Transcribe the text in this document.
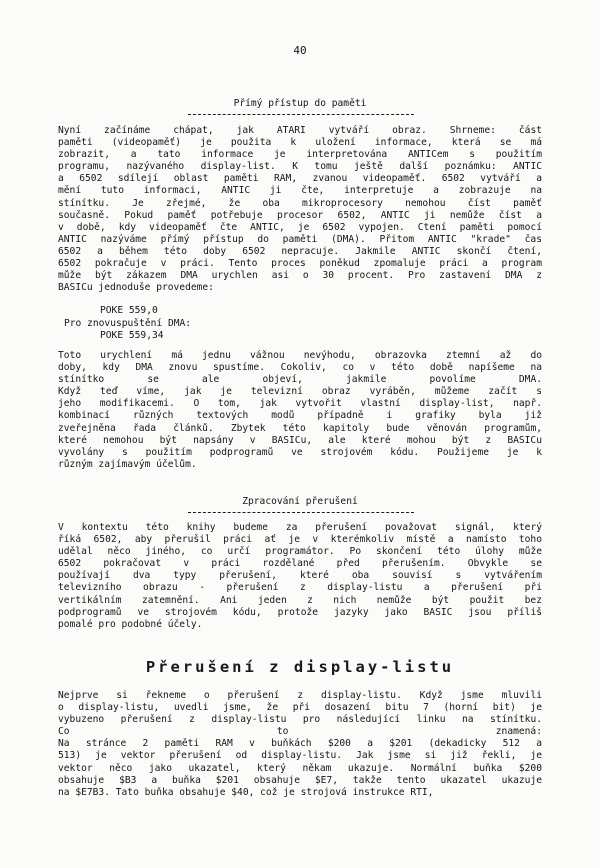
40
Přímý přístup do paměti
Nyní začínáme chápat, jak ATARI vytváří obraz. Shrneme: část
paměti (videopaměť) je použita k uložení informace, která se má
zobrazit, a tato informace je interpretována ANTICem s použitím
programu, nazývaného display-list. K tomu ještě další poznámku: ANTIC
a 6502 sdílejí oblast paměti RAM, zvanou videopaměť. 6502 vytváří a
mění tuto informaci, ANTIC ji čte, interpretuje a zobrazuje na
stínítku. Je zřejmé, že oba mikroprocesory nemohou číst paměť
současně. Pokud paměť potřebuje procesor 6502, ANTIC ji nemůže číst a
v době, kdy videopaměť čte ANTIC, je 6502 vypojen. Čtení paměti pomocí
ANTIC nazýváme přímý přístup do paměti (DMA). Přitom ANTIC "krade" čas
6502 a během této doby 6502 nepracuje. Jakmile ANTIC skončí čtení,
6502 pokračuje v práci. Tento proces poněkud zpomaluje práci a program
může být zákazem DMA urychlen asi o 30 procent. Pro zastavení DMA z
BASICu jednoduše provedeme:
POKE 559,0
Pro znovuspuštění DMA:
POKE 559,34
Toto urychlení má jednu vážnou nevýhodu, obrazovka ztemní až do
doby, kdy DMA znovu spustíme. Cokoliv, co v této době napíšeme na
stínítko se ale objeví, jakmile povolíme DMA.
Když teď víme, jak je televizní obraz vyráběn, můžeme začít s
jeho modifikacemi. O tom, jak vytvořit vlastní display-list, např.
kombinací různých textových modů případně i grafiky byla již
zveřejněna řada článků. Zbytek této kapitoly bude věnován programům,
které nemohou být napsány v BASICu, ale které mohou být z BASICu
vyvolány s použitím podprogramů ve strojovém kódu. Použijeme je k
různým zajímavým účelům.
Zpracování přerušení
V kontextu této knihy budeme za přerušení považovat signál, který
říká 6502, aby přerušil práci ať je v kterémkoliv místě a namísto toho
udělal něco jiného, co určí programátor. Po skončení této úlohy může
6502 pokračovat v práci rozdělané před přerušením. Obvykle se
používají dva typy přerušení, které oba souvisí s vytvářením
televizního obrazu - přerušení z display-listu a přerušení při
vertikálním zatemnění. Ani jeden z nich nemůže být použit bez
podprogramů ve strojovém kódu, protože jazyky jako BASIC jsou příliš
pomalé pro podobné účely.
Přerušení z display-listu
Nejprve si řekneme o přerušení z display-listu. Když jsme mluvili
o display-listu, uvedli jsme, že při dosazení bitu 7 (horní bit) je
vybuzeno přerušení z display-listu pro následující linku na stínítku.
Co to znamená:
Na stránce 2 paměti RAM v buňkách $200 a $201 (dekadicky 512 a
513) je vektor přerušení od display-listu. Jak jsme si již řekli, je
vektor něco jako ukazatel, který někam ukazuje. Normální buňka $200
obsahuje $B3 a buňka $201 obsahuje $E7, takže tento ukazatel ukazuje
na $E7B3. Tato buňka obsahuje $40, což je strojová instrukce RTI,
